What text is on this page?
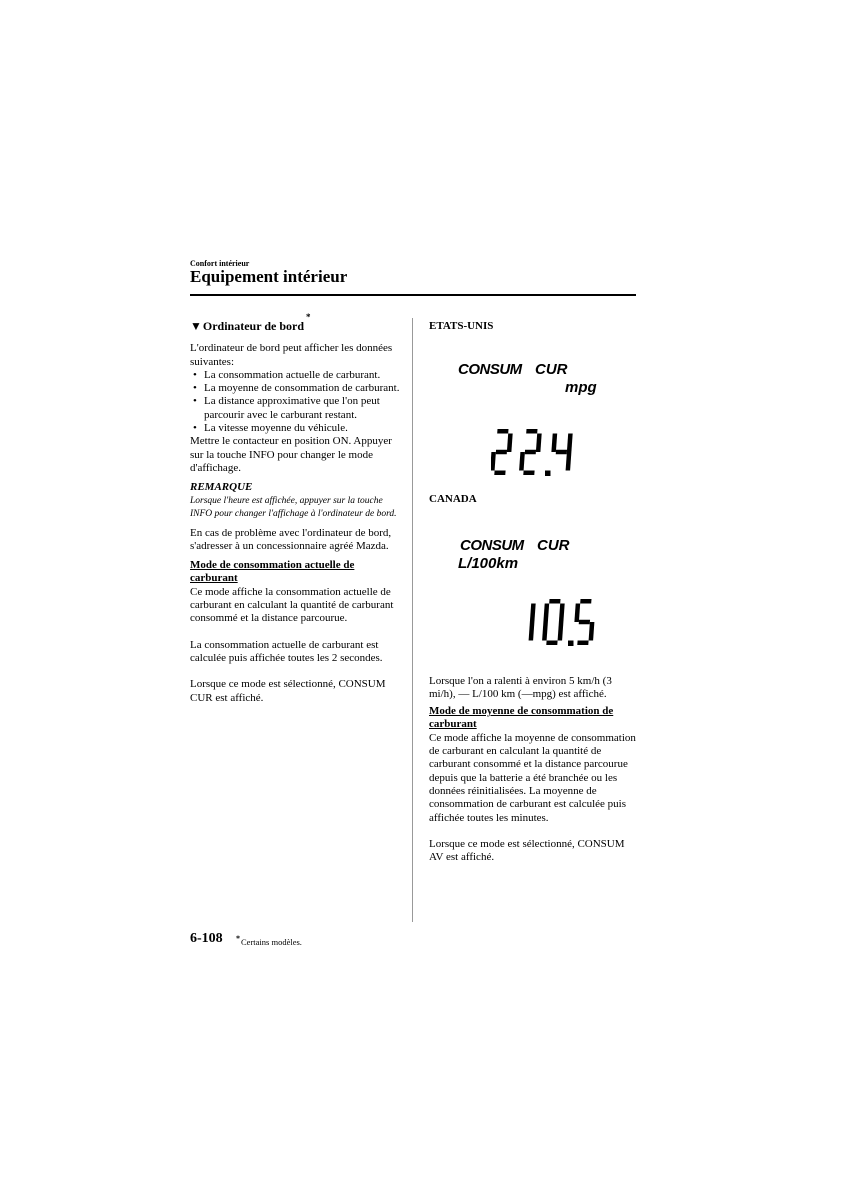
Confort intérieur
Equipement intérieur
▼ Ordinateur de bord
*

L'ordinateur de bord peut afficher les données suivantes:

• La consommation actuelle de carburant.
• La moyenne de consommation de carburant.
• La distance approximative que l'on peut parcourir avec le carburant restant.
• La vitesse moyenne du véhicule.

Mettre le contacteur en position ON. Appuyer sur la touche INFO pour changer le mode d'affichage.

REMARQUE

Lorsque l'heure est affichée, appuyer sur la touche INFO pour changer l'affichage à l'ordinateur de bord.

En cas de problème avec l'ordinateur de bord, s'adresser à un concessionnaire agréé Mazda.

Mode de consommation actuelle de carburant

Ce mode affiche la consommation actuelle de carburant en calculant la quantité de carburant consommé et la distance parcourue.

La consommation actuelle de carburant est calculée puis affichée toutes les 2 secondes.

Lorsque ce mode est sélectionné, CONSUM CUR est affiché.

ETATS-UNIS
CONSUM CUR
mpg
CANADA
CONSUM CUR
L/100km

Lorsque l'on a ralenti à environ 5 km/h (3 mi/h), — L/100 km (—mpg) est affiché.

Mode de moyenne de consommation de carburant

Ce mode affiche la moyenne de consommation de carburant en calculant la quantité de carburant consommé et la distance parcourue depuis que la batterie a été branchée ou les données réinitialisées. La moyenne de consommation de carburant est calculée puis affichée toutes les minutes.

Lorsque ce mode est sélectionné, CONSUM AV est affiché.

6-108 *Certains modèles.
